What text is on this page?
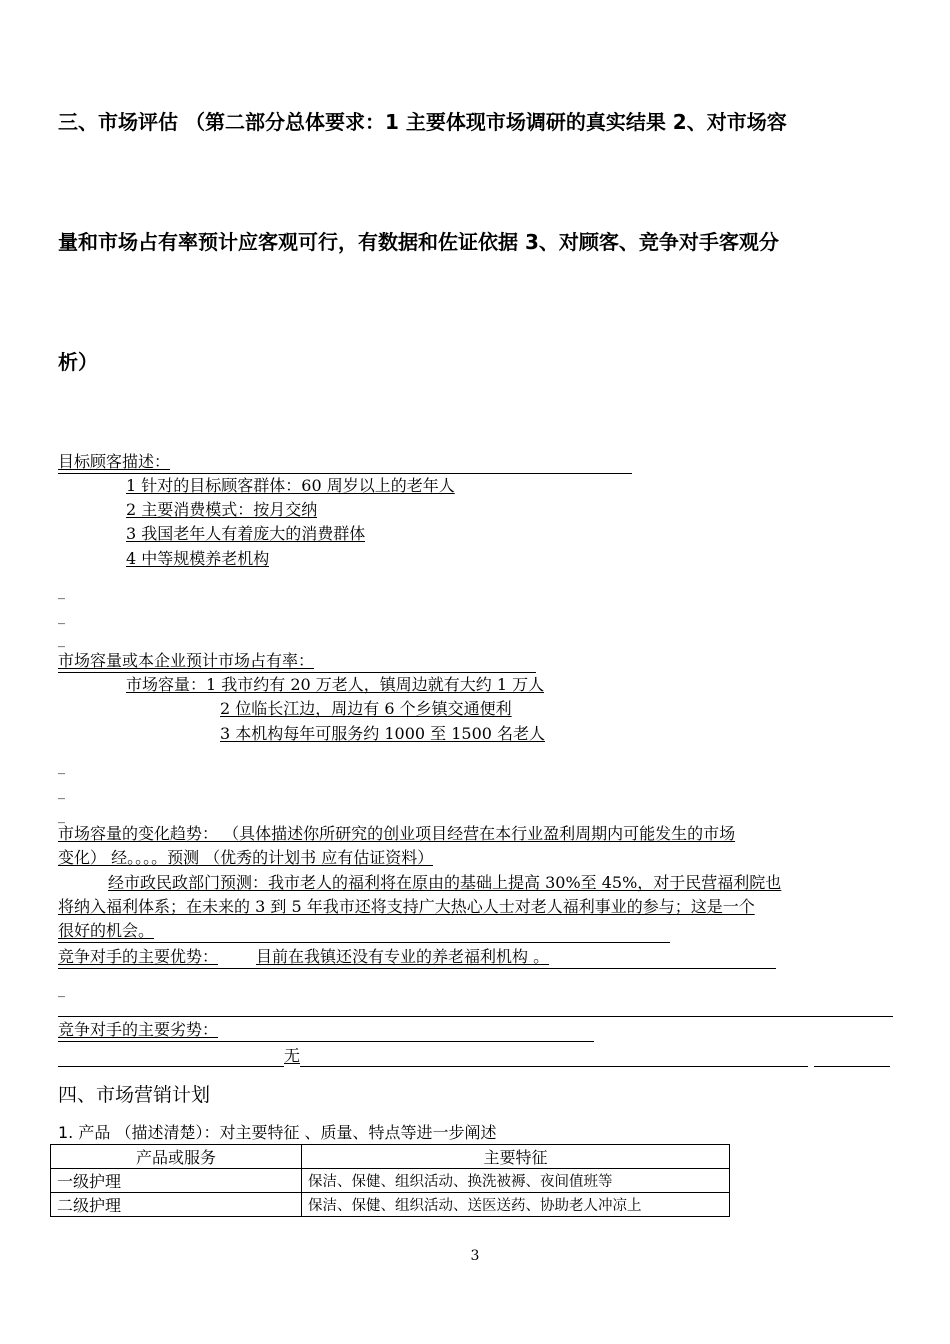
三、市场评估 （第二部分总体要求：1 主要体现市场调研的真实结果 2、对市场容
量和市场占有率预计应客观可行，有数据和佐证依据 3、对顾客、竞争对手客观分
析）
目标顾客描述：
1 针对的目标顾客群体：60 周岁以上的老年人
2 主要消费模式：按月交纳
3 我国老年人有着庞大的消费群体
4 中等规模养老机构
_
_
_
市场容量或本企业预计市场占有率：
市场容量：1 我市约有 20 万老人，镇周边就有大约 1 万人
2 位临长江边，周边有 6 个乡镇交通便利
3 本机构每年可服务约 1000 至 1500 名老人
_
_
_
市场容量的变化趋势： （具体描述你所研究的创业项目经营在本行业盈利周期内可能发生的市场
变化） 经。。。。预测 （优秀的计划书 应有估证资料）
经市政民政部门预测：我市老人的福利将在原由的基础上提高 30%至 45%，对于民营福利院也
将纳入福利体系；在未来的 3 到 5 年我市还将支持广大热心人士对老人福利事业的参与；这是一个
很好的机会。
竞争对手的主要优势： 目前在我镇还没有专业的养老福利机构 。
_
竞争对手的主要劣势：
无
四、市场营销计划
1. 产品 （描述清楚）：对主要特征 、质量、特点等进一步阐述
产品或服务	主要特征
一级护理	保洁、保健、组织活动、换洗被褥、夜间值班等
二级护理	保洁、保健、组织活动、送医送药、协助老人冲凉上
3
